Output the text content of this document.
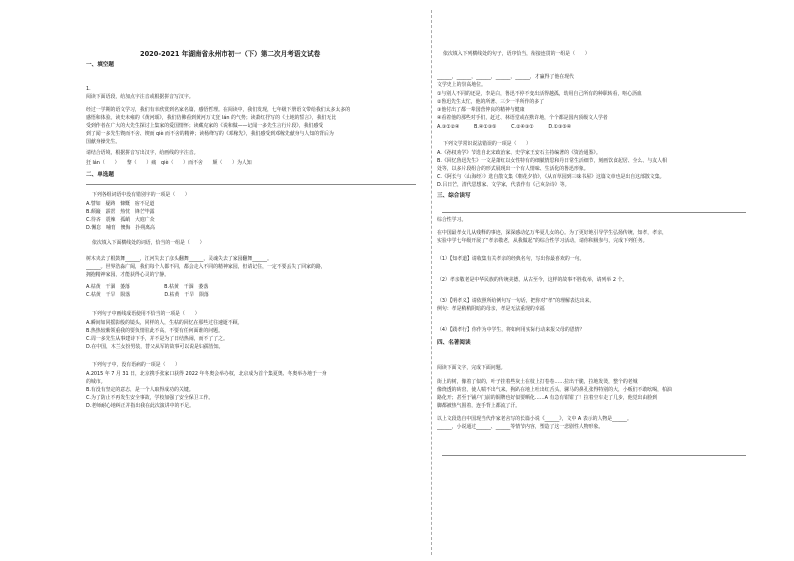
2020-2021 年湖南省永州市初一（下）第二次月考语文试卷
一、填空题
1.
阅读下面语段，给加点字注音或根据拼音写汉字。
经过一学期的语文学习，我们有幸欣赏到名家名篇，感悟哲理。在阅读中，我们发现，七年级下册语文带给我们太多太多的
感悟和体验。读史未雍的《黄河颂》，我们仿佛看到黄河万丈狂 lán 的气势；读萧红抒写的《土地的誓言》，我们无比
受到作者在广大的大先生探讨上集家的爱国情怀；读藏克家的《说和做——记闻一多先生言行片段》，我们感受
到了闻一多先生锲而不舍、锲而 qiè 而不舍的精神；读杨绛写的《邓稼先》，我们感受到邓稼先献身与人知的背后为
国献身操先生。
请结合语境，根据拼音写出汉字，给画线的字注音。
狂 lán（　　）　　黎（　　）痛　qiè（　　）而不舍　　颠（　　）为人知
二、单选题
下列各组词语中没有错别字的一项是（　　）
A.譬如　疑踌　慷慨　宿不足道
B.颠簸　霹雳　热忱　锋芒毕露
C.待吝　震辣　孤峭　大庭广众
D.懈怠　哺育　懊悔　扑朔离高
依次填入下面横线处的词语，恰当的一组是（　　）
树木夹去了根鼓舞______，江河失去了彦头翻舞______，灵魂失去了家园翻舞______。
______。世界浩淼广阔，我们每个人都不同，都会走入不同的精神家园，但请记住，一定不要丢失了回家的路，
拥抱精神家园，才能获得心灵的宁静。
A.枯黄　干涸　萎落　　　　　　　B.枯黄　干涸　萎落
C.枯黄　干旱　陨落　　　　　　　D.枯黄　干旱　陨落
下列句子中画线成语使用不恰当的一项是（　　）
A.瞬间如同摇影般的镜头，同样的人，生枯的回忆在那些过往速逝不顾。
B.热热较紫领重我的要负情驻此不高，不要有任何面谁的问题。
C.周一多先生从事建诗下手，并不是为了日结热闹，而不了了之。
D.在中国，木兰女扮男装，替父从军的故事可以说是妇孺皆知。
下列句子中，没有语病的一项是（　　）
A.2015 年 7 月 31 日，北京携手张家口获得 2022 年冬奥会举办权，北京成为首个集夏奥、冬奥举办地于一身
的城市。
B.有没有坚定的意志，是一个人取得成功的关键。
C.为了防止不再发生安全事故，学校加强了安全保卫工作。
D.老师耐心地纠正并指出我在此次演讲中的不足。
依次填入下列横线处的句子，语序恰当，衔接连贯的一组是（　　）
______，______，______，______，______，才赢得了他在现代
文学史上的崇高地位。
①与别人不同的还是，李是白，鲁迅不停不变出活得越孤，幼用自己所有的种职转看，呕心沥血
②鲁迅先生太忙，他的所著、三少一半所作的多了
③他付出了都一辈国营仲良的精神与健康
④看着他的那些对手们，赶过、林语堂或在默许地，个个都是国内顶级文人学者
A.③①②④　　　B.④①③⑤　　　C.②④③①　　　D.①③⑤④
下列文学常识说法错误的一项是（　　）
A.《孙权劝学》节选自北宋政治家、史学家王安石主持编著的《资治通鉴》。
B.《回忆鲁迅先生》一文是萧红以女性特有的细腻情思和丹日常生活细节，刻画饮食起居、全么、与友人相
处等，以多片段组合的形式展现出一个有人情味、生活化的鲁迅形象。
C.《阿长与〈山海经〉》选自散文集《朝花夕拾》，《从百草园到三味书屋》这篇文章也是出自这部散文集。
D.吕日芒，清代思想家、文学家，代表作有《己亥杂诗》等。
三、综合读写
综合性学习。
在中国最孝女儿从残释的事迹，深深感动亿万华夏儿女的心。为了更好地引导学生弘扬传统，知孝，孝亲，
实验中学七年级开展了“孝亲敬老，从我做起”的综合性学习活动，请你积极参与，完成下列任务。
（1）【知孝道】请收集有关孝亲的经典名句，写出你最喜欢的一句。
（2）孝亲敬老是中华民族的传统美德，从古至今，这样的故事不胜枚举，请列举 2 个。
（3）【明孝义】请依照所给例句写一句话，把你对“孝”的理解表达出来。
例句：孝是稍稍阴暗的母亲，孝是无法重现的幸福
（4）【践孝行】你作为中学生，将如何用实际行动来报父母的恩情？
四、名著阅读
阅读下面文字，完成下面问题。
街上的树，像着了似的，叶子挂着些灰土在枝上打卷卷……拉出干脆，拉地发烫，整个的老城
像烧透的砖窑，使人喘不出气来。狗趴在地上吐出红舌头，骡马的鼻孔张得特别的大，小贩们不敢吆喝，柏油
路化开；甚至于铺户门前的铜牌也好似要晒化……A 有急有钳钳了！拉着空车走了几步，他觉出由脸到
脚都被热气围着，连手背上都流了汗。
以上文段选自中国现当代作家老舍写的长篇小说《______》，文中 A 表示的人物是______。
______，小说通过______、______等情节内容，塑造了这一悲剧性人物形象。
